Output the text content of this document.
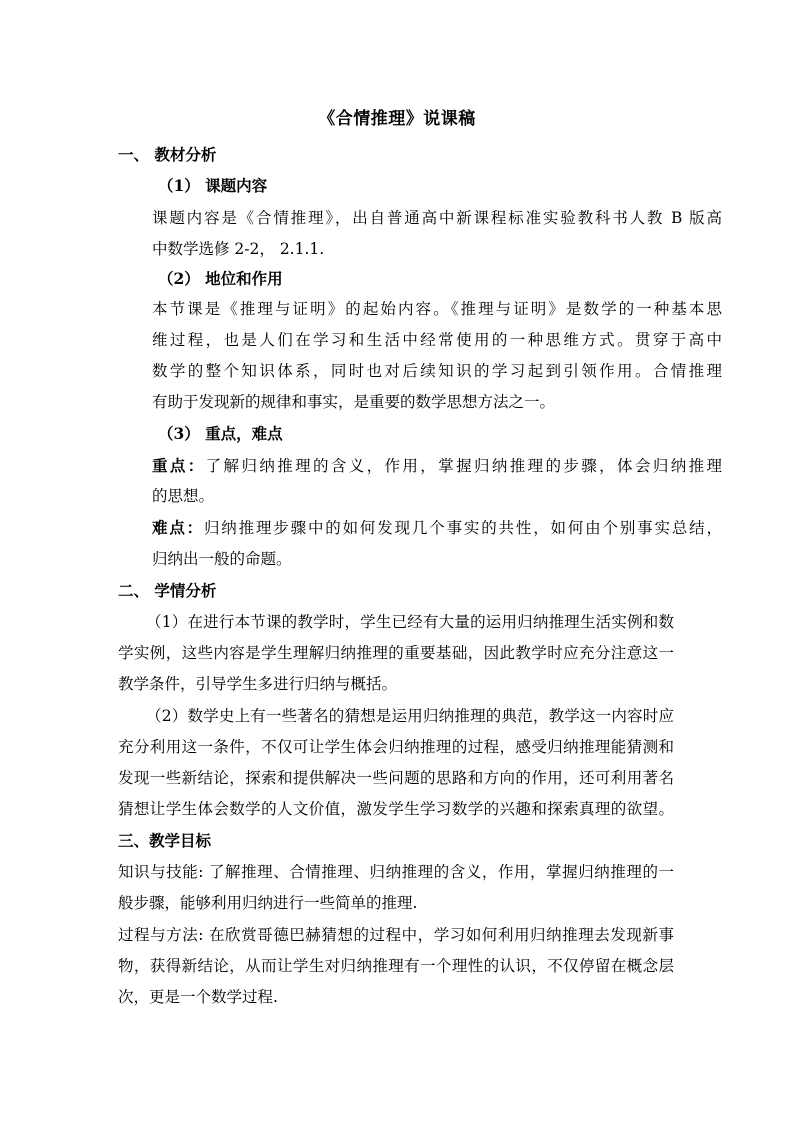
《合情推理》说课稿
一、 教材分析
（1） 课题内容
课题内容是《合情推理》，出自普通高中新课程标准实验教科书人教 B 版高
中数学选修 2-2， 2.1.1.
（2） 地位和作用
本节课是《推理与证明》的起始内容。《推理与证明》是数学的一种基本思
维过程，也是人们在学习和生活中经常使用的一种思维方式。贯穿于高中
数学的整个知识体系，同时也对后续知识的学习起到引领作用。合情推理
有助于发现新的规律和事实，是重要的数学思想方法之一。
（3） 重点，难点
重点：了解归纳推理的含义，作用，掌握归纳推理的步骤，体会归纳推理
的思想。
难点：归纳推理步骤中的如何发现几个事实的共性，如何由个别事实总结，
归纳出一般的命题。
二、 学情分析
（1）在进行本节课的教学时，学生已经有大量的运用归纳推理生活实例和数
学实例，这些内容是学生理解归纳推理的重要基础，因此教学时应充分注意这一
教学条件，引导学生多进行归纳与概括。
（2）数学史上有一些著名的猜想是运用归纳推理的典范，教学这一内容时应
充分利用这一条件，不仅可让学生体会归纳推理的过程，感受归纳推理能猜测和
发现一些新结论，探索和提供解决一些问题的思路和方向的作用，还可利用著名
猜想让学生体会数学的人文价值，激发学生学习数学的兴趣和探索真理的欲望。
三、教学目标
知识与技能: 了解推理、合情推理、归纳推理的含义，作用，掌握归纳推理的一
般步骤，能够利用归纳进行一些简单的推理.
过程与方法: 在欣赏哥德巴赫猜想的过程中，学习如何利用归纳推理去发现新事
物，获得新结论，从而让学生对归纳推理有一个理性的认识，不仅停留在概念层
次，更是一个数学过程.
